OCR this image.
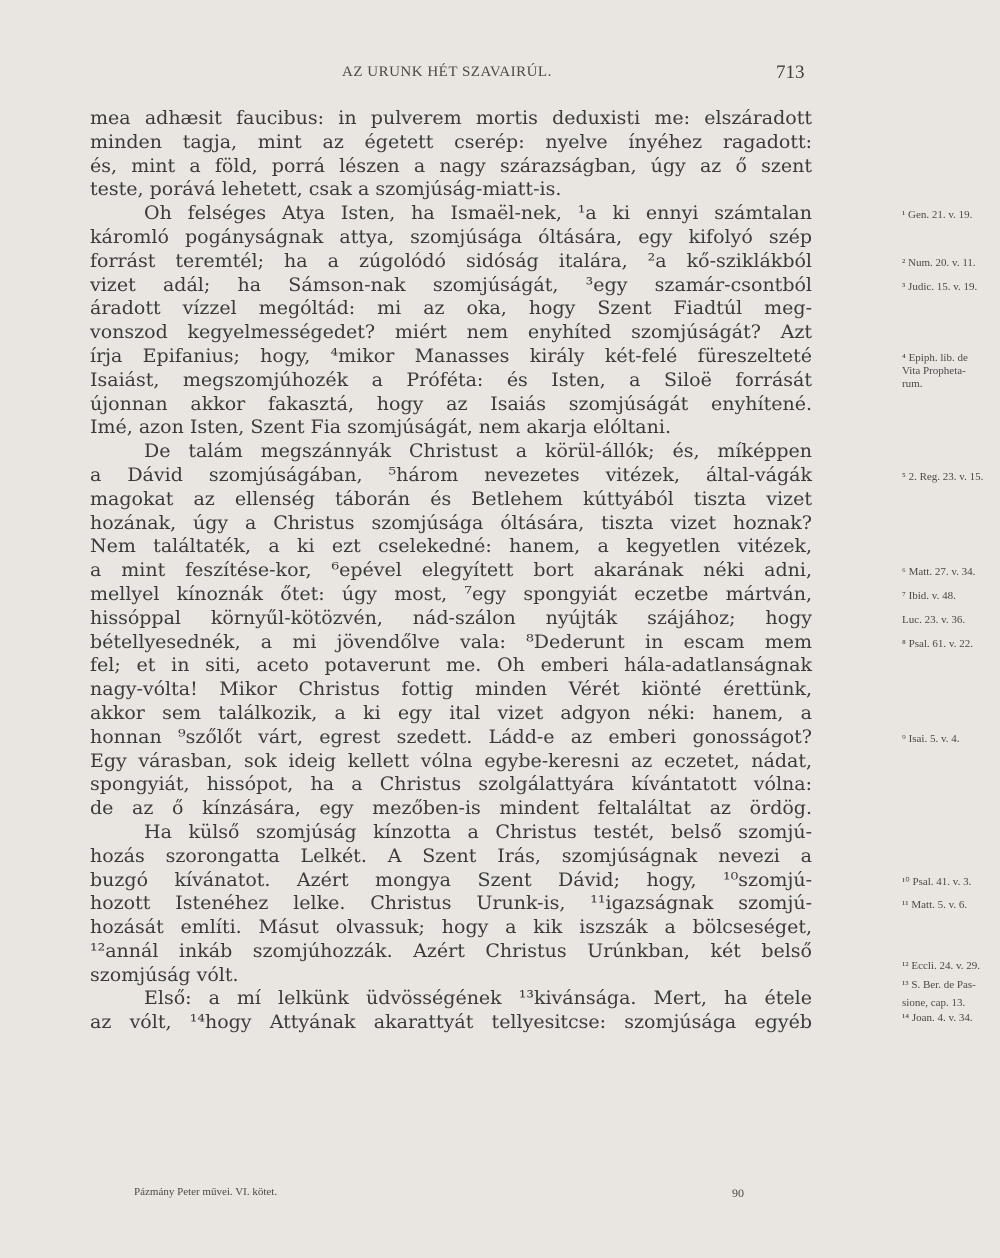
AZ URUNK HÉT SZAVAIRÚL.	713
mea adhæsit faucibus: in pulverem mortis deduxisti me: elszáradott
minden tagja, mint az égetett cserép: nyelve ínyéhez ragadott:
és, mint a föld, porrá lészen a nagy szárazságban, úgy az ő szent
teste, porává lehetett, csak a szomjúság-miatt-is.
Oh felséges Atya Isten, ha Ismaël-nek, ¹a ki ennyi számtalan
káromló pogányságnak attya, szomjúsága óltására, egy kifolyó szép
forrást teremtél; ha a zúgolódó sidóság italára, ²a kő-sziklákból
vizet adál; ha Sámson-nak szomjúságát, ³egy szamár-csontból
áradott vízzel mególtád: mi az oka, hogy Szent Fiadtúl meg-
vonszod kegyelmességedet? miért nem enyhíted szomjúságát? Azt
írja Epifanius; hogy, ⁴mikor Manasses király két-felé füreszelteté
Isaiást, megszomjúhozék a Próféta: és Isten, a Siloë forrását
újonnan akkor fakasztá, hogy az Isaiás szomjúságát enyhítené.
Imé, azon Isten, Szent Fia szomjúságát, nem akarja elóltani.
De talám megszánnyák Christust a körül-állók; és, míképpen
a Dávid szomjúságában, ⁵három nevezetes vitézek, által-vágák
magokat az ellenség táborán és Betlehem kúttyából tiszta vizet
hozának, úgy a Christus szomjúsága óltására, tiszta vizet hoznak?
Nem találtaték, a ki ezt cselekedné: hanem, a kegyetlen vitézek,
a mint feszítése-kor, ⁶epével elegyített bort akarának néki adni,
mellyel kínoznák őtet: úgy most, ⁷egy spongyiát eczetbe mártván,
hissóppal környűl-kötözvén, nád-szálon nyújták szájához; hogy
bétellyesednék, a mi jövendőlve vala: ⁸Dederunt in escam mem
fel; et in siti, aceto potaverunt me. Oh emberi hála-adatlanságnak
nagy-vólta! Mikor Christus fottig minden Vérét kiönté érettünk,
akkor sem találkozik, a ki egy ital vizet adgyon néki: hanem, a
honnan ⁹szőlőt várt, egrest szedett. Ládd-e az emberi gonosságot?
Egy várasban, sok ideig kellett vólna egybe-keresni az eczetet, nádat,
spongyiát, hissópot, ha a Christus szolgálattyára kívántatott vólna:
de az ő kínzására, egy mezőben-is mindent feltaláltat az ördög.
Ha külső szomjúság kínzotta a Christus testét, belső szomjú-
hozás szorongatta Lelkét. A Szent Irás, szomjúságnak nevezi a
buzgó kívánatot. Azért mongya Szent Dávid; hogy, ¹⁰szomjú-
hozott Istenéhez lelke. Christus Urunk-is, ¹¹igazságnak szomjú-
hozását említi. Másut olvassuk; hogy a kik iszszák a bölcseséget,
¹²annál inkáb szomjúhozzák. Azért Christus Urúnkban, két belső
szomjúság vólt.
Első: a mí lelkünk üdvösségének ¹³kivánsága. Mert, ha étele
az vólt, ¹⁴hogy Attyának akarattyát tellyesitcse: szomjúsága egyéb
¹ Gen. 21. v. 19.
² Num. 20. v. 11.
³ Judic. 15. v. 19.
⁴ Epiph. lib. de
Vita Propheta-
rum.
⁵ 2. Reg. 23. v. 15.
⁶ Matt. 27. v. 34.
⁷ Ibid. v. 48.
Luc. 23. v. 36.
⁸ Psal. 61. v. 22.
⁹ Isai. 5. v. 4.
¹⁰ Psal. 41. v. 3.
¹¹ Matt. 5. v. 6.
¹² Eccli. 24. v. 29.
¹³ S. Ber. de Pas-
sione, cap. 13.
¹⁴ Joan. 4. v. 34.
Pázmány Peter művei. VI. kötet.	90
